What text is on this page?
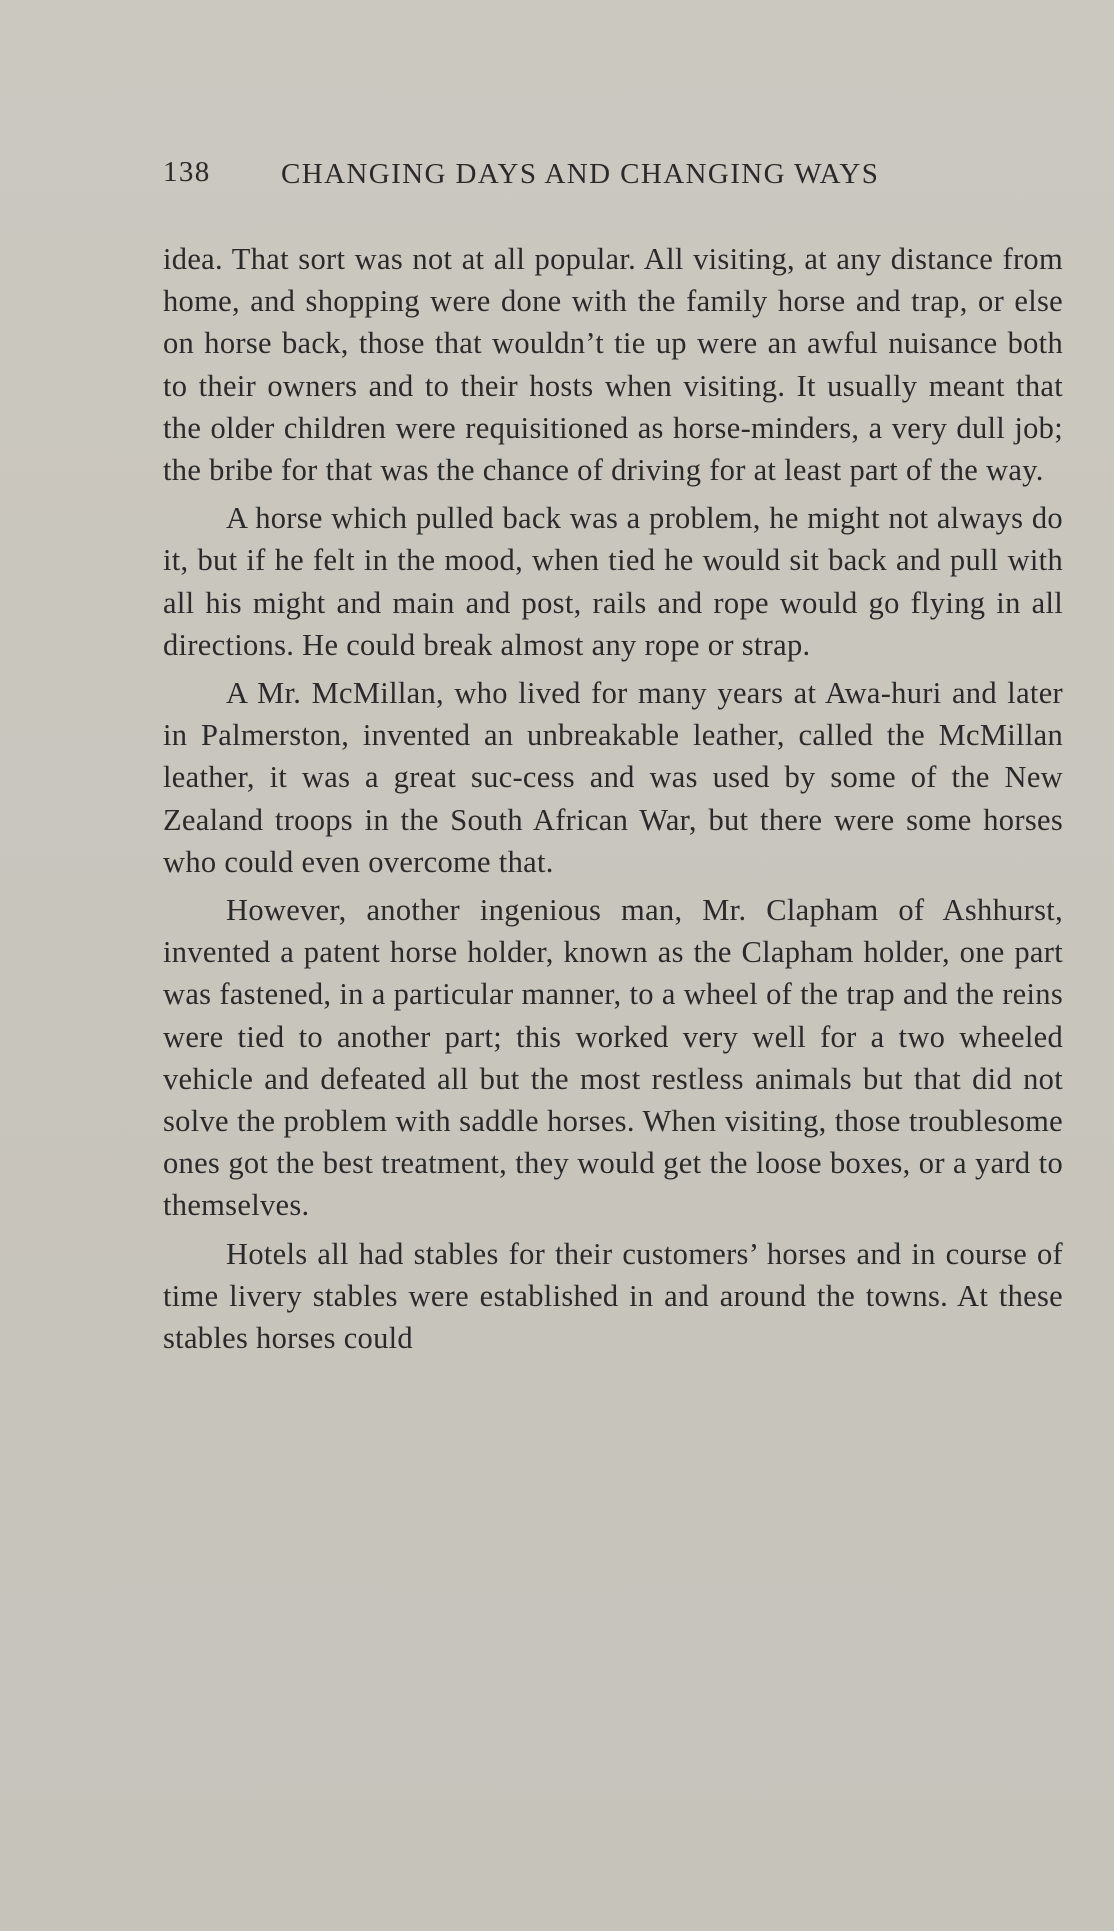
138 CHANGING DAYS AND CHANGING WAYS

idea. That sort was not at all popular. All visiting, at any distance from home, and shopping were done with the family horse and trap, or else on horse back, those that wouldn’t tie up were an awful nuisance both to their owners and to their hosts when visiting. It usually meant that the older children were requisitioned as horse-minders, a very dull job; the bribe for that was the chance of driving for at least part of the way.

A horse which pulled back was a problem, he might not always do it, but if he felt in the mood, when tied he would sit back and pull with all his might and main and post, rails and rope would go flying in all directions. He could break almost any rope or strap.

A Mr. McMillan, who lived for many years at Awa-huri and later in Palmerston, invented an unbreakable leather, called the McMillan leather, it was a great suc-cess and was used by some of the New Zealand troops in the South African War, but there were some horses who could even overcome that.

However, another ingenious man, Mr. Clapham of Ashhurst, invented a patent horse holder, known as the Clapham holder, one part was fastened, in a particular manner, to a wheel of the trap and the reins were tied to another part; this worked very well for a two wheeled vehicle and defeated all but the most restless animals but that did not solve the problem with saddle horses. When visiting, those troublesome ones got the best treatment, they would get the loose boxes, or a yard to themselves.

Hotels all had stables for their customers’ horses and in course of time livery stables were established in and around the towns. At these stables horses could
